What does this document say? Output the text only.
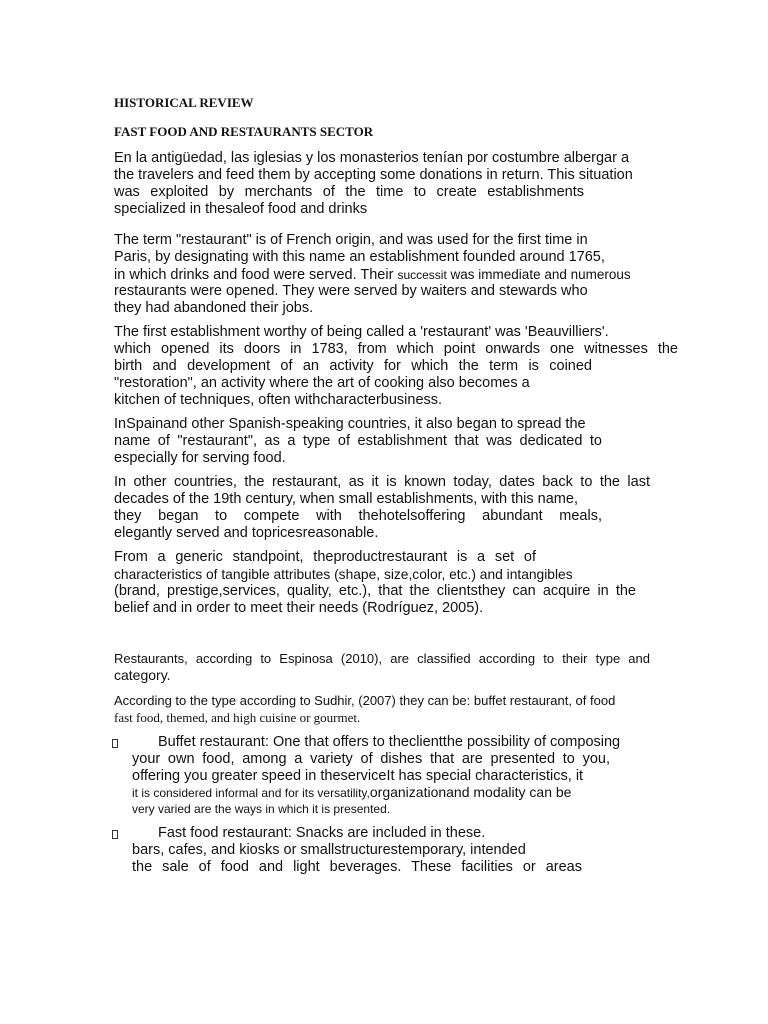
HISTORICAL REVIEW
FAST FOOD AND RESTAURANTS SECTOR
En la antigüedad, las iglesias y los monasterios tenían por costumbre albergar a
the travelers and feed them by accepting some donations in return. This situation
was exploited by merchants of the time to create establishments
specialized in thesaleof food and drinks
The term "restaurant" is of French origin, and was used for the first time in
Paris, by designating with this name an establishment founded around 1765,
in which drinks and food were served. Their successit was immediate and numerous
restaurants were opened. They were served by waiters and stewards who
they had abandoned their jobs.
The first establishment worthy of being called a 'restaurant' was 'Beauvilliers'.
which opened its doors in 1783, from which point onwards one witnesses the
birth and development of an activity for which the term is coined
"restoration", an activity where the art of cooking also becomes a
kitchen of techniques, often withcharacterbusiness.
InSpainand other Spanish-speaking countries, it also began to spread the
name of "restaurant", as a type of establishment that was dedicated to
especially for serving food.
In other countries, the restaurant, as it is known today, dates back to the last
decades of the 19th century, when small establishments, with this name,
they began to compete with thehotelsoffering abundant meals,
elegantly served and topricesreasonable.
From a generic standpoint, theproductrestaurant is a set of
characteristics of tangible attributes (shape, size,color, etc.) and intangibles
(brand, prestige,services, quality, etc.), that the clientsthey can acquire in the
belief and in order to meet their needs (Rodríguez, 2005).
Restaurants, according to Espinosa (2010), are classified according to their type and
category.
According to the type according to Sudhir, (2007) they can be: buffet restaurant, of food
fast food, themed, and high cuisine or gourmet.
Buffet restaurant: One that offers to theclientthe possibility of composing
your own food, among a variety of dishes that are presented to you,
offering you greater speed in theserviceIt has special characteristics, it
it is considered informal and for its versatility,organizationand modality can be
very varied are the ways in which it is presented.
Fast food restaurant: Snacks are included in these.
bars, cafes, and kiosks or smallstructurestemporary, intended
the sale of food and light beverages. These facilities or areas
